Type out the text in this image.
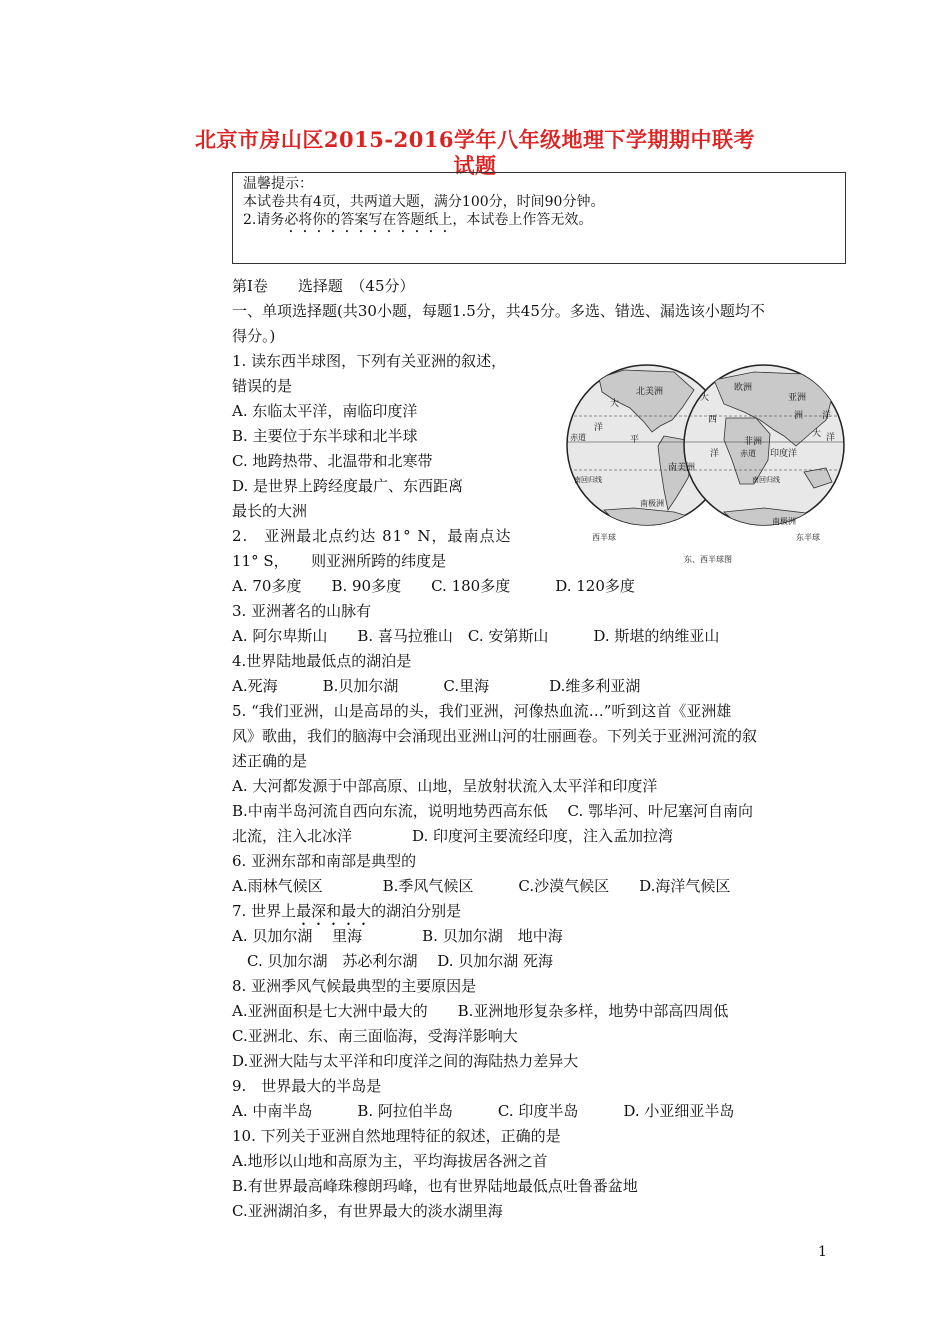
北京市房山区2015-2016学年八年级地理下学期期中联考
试题
温馨提示：
本试卷共有4页，共两道大题，满分100分，时间90分钟。
2.请务必将你的答案写在答题纸上，本试卷上作答无效。
第Ⅰ卷　　选择题　（45分）
一、单项选择题(共30小题，每题1.5分，共45分。多选、错选、漏选该小题均不
得分。)
1. 读东西半球图，下列有关亚洲的叙述，
错误的是
A. 东临太平洋，南临印度洋
B. 主要位于东半球和北半球
C. 地跨热带、北温带和北寒带
D. 是世界上跨经度最广、东西距离
最长的大洲
北美洲
南美洲
亚洲
非洲
欧洲
大
洋
大
西
平
洋
洋
印度洋
赤道
赤道
南回归线	南回归线
南极洲
南极洲
大
洲
洋
西半球	东半球
东、西半球图
2.　亚洲最北点约达 81° N，最南点达
11° S，　　则亚洲所跨的纬度是
A. 70多度　　B. 90多度　　C. 180多度　　　D. 120多度
3. 亚洲著名的山脉有
A. 阿尔卑斯山　　B. 喜马拉雅山　C. 安第斯山　　　D. 斯堪的纳维亚山
4.世界陆地最低点的湖泊是
A.死海　　　B.贝加尔湖　　　C.里海　　　　D.维多利亚湖
5. “我们亚洲，山是高昂的头，我们亚洲，河像热血流…”听到这首《亚洲雄
风》歌曲，我们的脑海中会涌现出亚洲山河的壮丽画卷。下列关于亚洲河流的叙
述正确的是
A. 大河都发源于中部高原、山地，呈放射状流入太平洋和印度洋
B.中南半岛河流自西向东流，说明地势西高东低　 C. 鄂毕河、叶尼塞河自南向
北流，注入北冰洋　　　　D. 印度河主要流经印度，注入孟加拉湾
6. 亚洲东部和南部是典型的
A.雨林气候区　　　　B.季风气候区　　　C.沙漠气候区　　D.海洋气候区
7. 世界上最深和最大的湖泊分别是
A. 贝加尔湖　 里海　　　　B. 贝加尔湖　地中海
　C. 贝加尔湖　苏必利尔湖　 D. 贝加尔湖 死海
8. 亚洲季风气候最典型的主要原因是
A.亚洲面积是七大洲中最大的　　B.亚洲地形复杂多样，地势中部高四周低
C.亚洲北、东、南三面临海，受海洋影响大
D.亚洲大陆与太平洋和印度洋之间的海陆热力差异大
9.　世界最大的半岛是
A. 中南半岛　　　B. 阿拉伯半岛　　　C. 印度半岛　　　D. 小亚细亚半岛
10. 下列关于亚洲自然地理特征的叙述，正确的是
A.地形以山地和高原为主，平均海拔居各洲之首
B.有世界最高峰珠穆朗玛峰，也有世界陆地最低点吐鲁番盆地
C.亚洲湖泊多，有世界最大的淡水湖里海
1
